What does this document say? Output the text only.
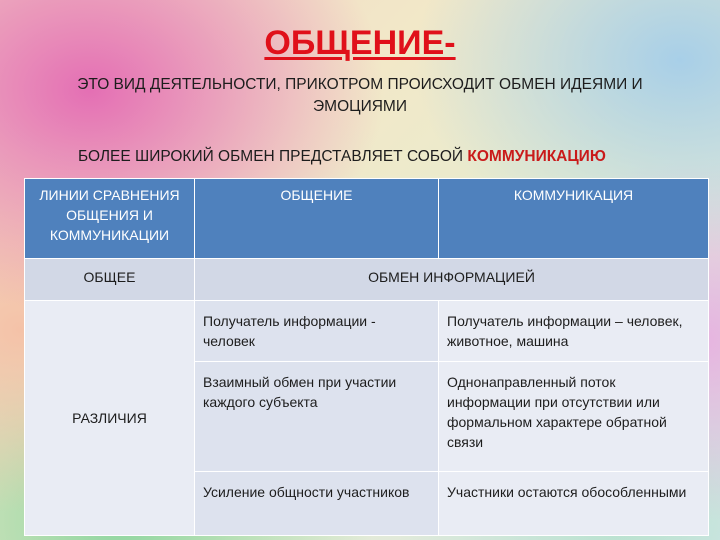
ОБЩЕНИЕ-
ЭТО ВИД ДЕЯТЕЛЬНОСТИ, ПРИКОТРОМ ПРОИСХОДИТ ОБМЕН ИДЕЯМИ И ЭМОЦИЯМИ
БОЛЕЕ ШИРОКИЙ ОБМЕН ПРЕДСТАВЛЯЕТ СОБОЙ КОММУНИКАЦИЮ
ЛИНИИ СРАВНЕНИЯ ОБЩЕНИЯ И КОММУНИКАЦИИ	ОБЩЕНИЕ	КОММУНИКАЦИЯ
ОБЩЕЕ	ОБМЕН ИНФОРМАЦИЕЙ	
РАЗЛИЧИЯ	Получатель информации - человек	Получатель информации – человек, животное, машина
	Взаимный обмен при участии каждого субъекта	Однонаправленный поток информации при отсутствии или формальном характере обратной связи
	Усиление общности участников	Участники остаются обособленными
